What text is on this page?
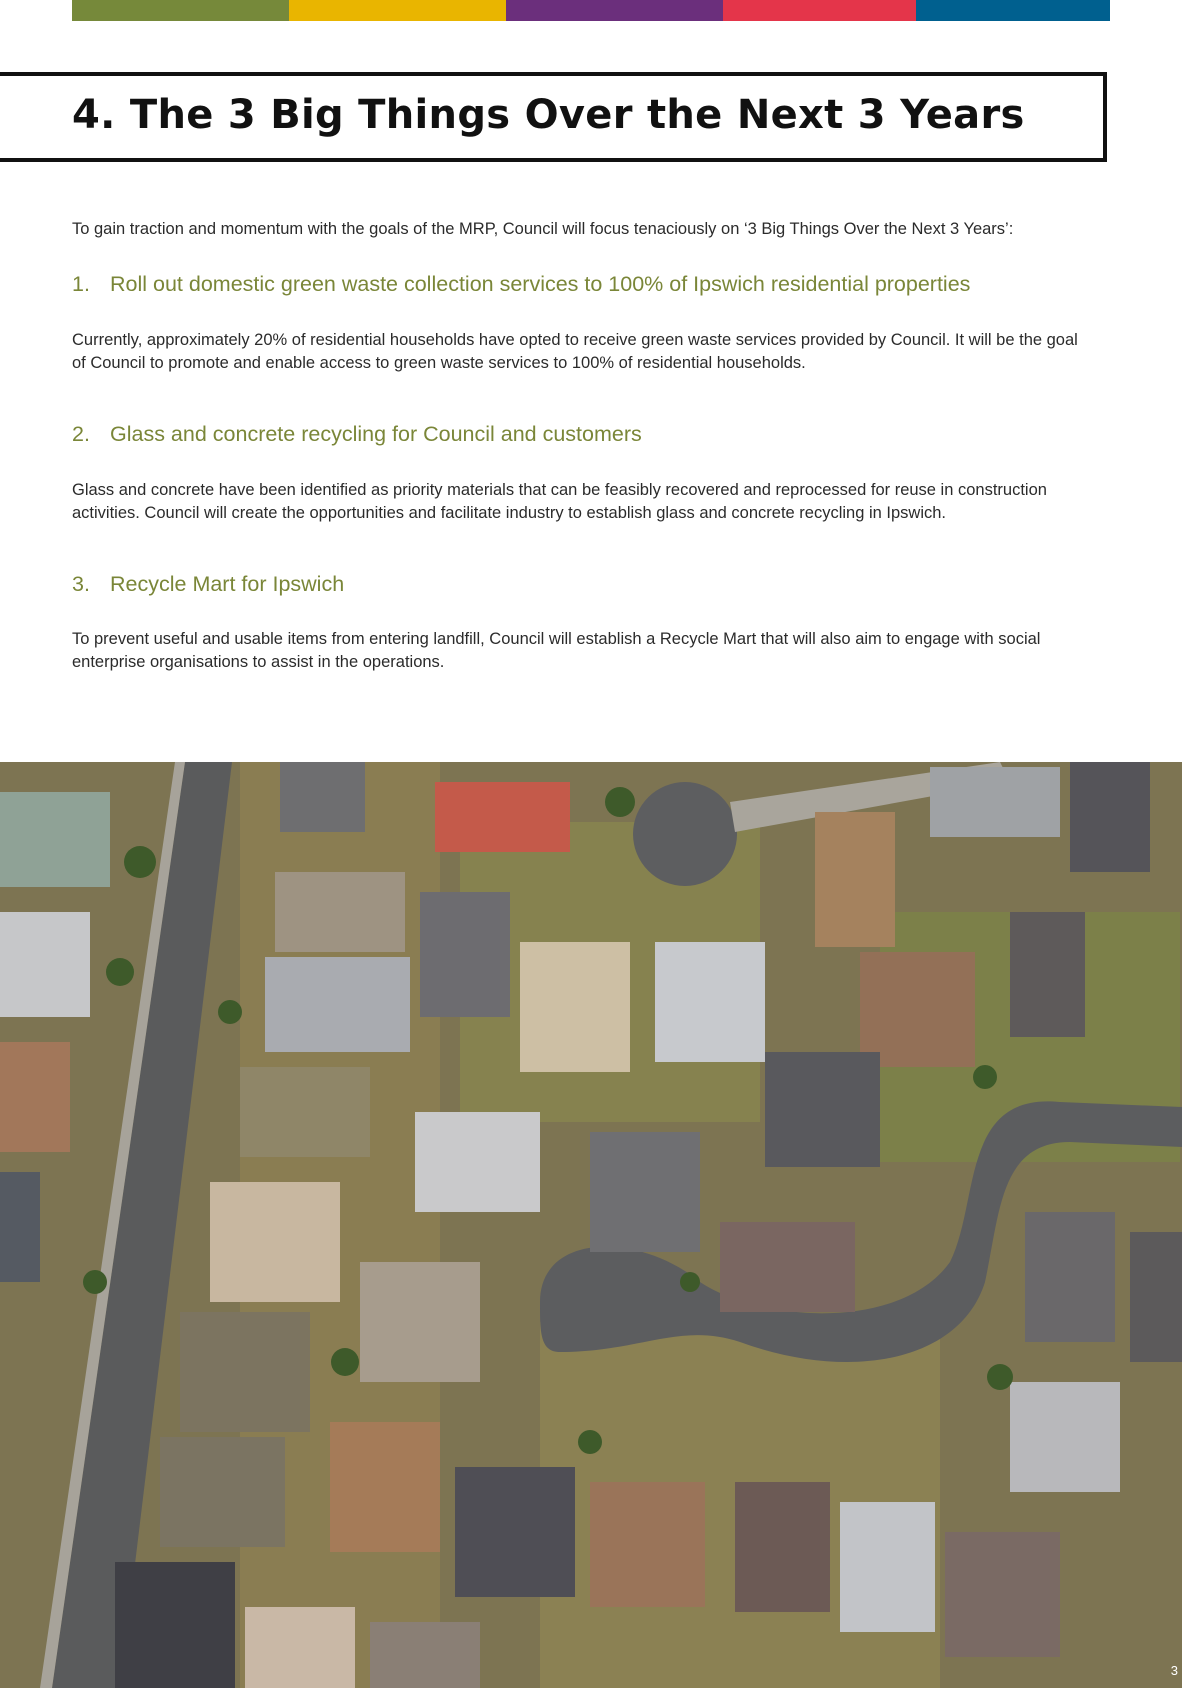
4. The 3 Big Things Over the Next 3 Years

To gain traction and momentum with the goals of the MRP, Council will focus tenaciously on ‘3 Big Things Over the Next 3 Years’:

1. Roll out domestic green waste collection services to 100% of Ipswich residential properties

Currently, approximately 20% of residential households have opted to receive green waste services provided by Council. It will be the goal of Council to promote and enable access to green waste services to 100% of residential households.

2. Glass and concrete recycling for Council and customers

Glass and concrete have been identified as priority materials that can be feasibly recovered and reprocessed for reuse in construction activities. Council will create the opportunities and facilitate industry to establish glass and concrete recycling in Ipswich.

3. Recycle Mart for Ipswich

To prevent useful and usable items from entering landfill, Council will establish a Recycle Mart that will also aim to engage with social enterprise organisations to assist in the operations.

3
